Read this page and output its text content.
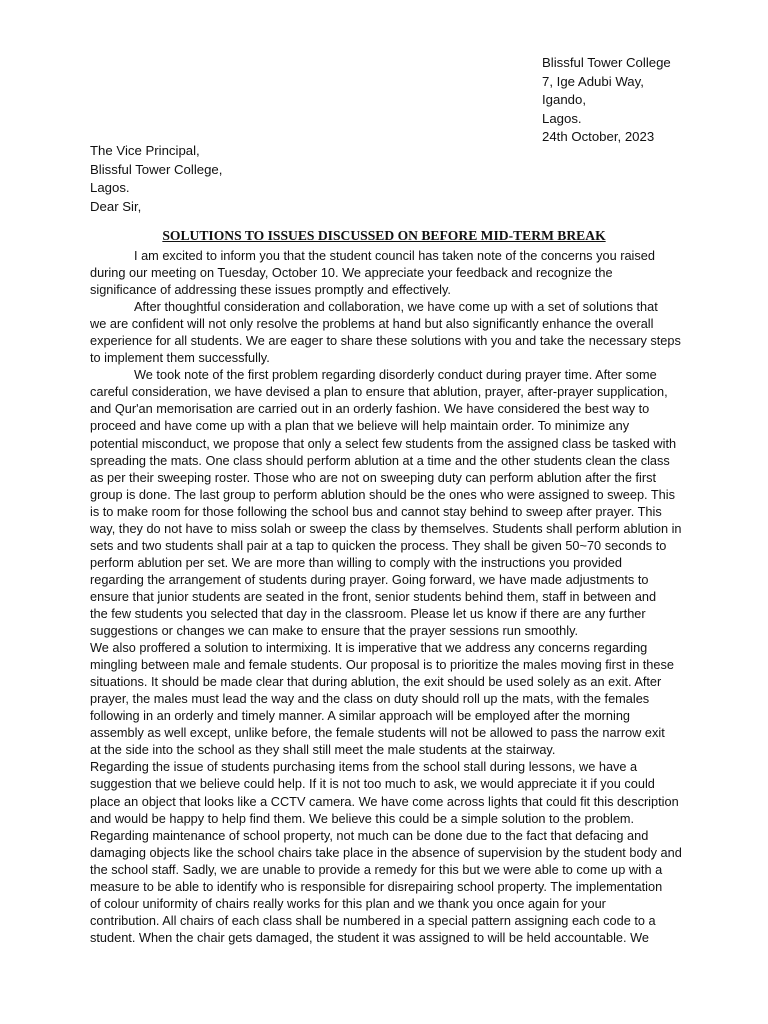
Blissful Tower College
7, Ige Adubi Way,
Igando,
Lagos.
24th October, 2023
The Vice Principal,
Blissful Tower College,
Lagos.
Dear Sir,
SOLUTIONS TO ISSUES DISCUSSED ON BEFORE MID-TERM BREAK
I am excited to inform you that the student council has taken note of the concerns you raised
during our meeting on Tuesday, October 10. We appreciate your feedback and recognize the
significance of addressing these issues promptly and effectively.
After thoughtful consideration and collaboration, we have come up with a set of solutions that
we are confident will not only resolve the problems at hand but also significantly enhance the overall
experience for all students. We are eager to share these solutions with you and take the necessary steps
to implement them successfully.
We took note of the first problem regarding disorderly conduct during prayer time. After some
careful consideration, we have devised a plan to ensure that ablution, prayer, after-prayer supplication,
and Qur'an memorisation are carried out in an orderly fashion. We have considered the best way to
proceed and have come up with a plan that we believe will help maintain order. To minimize any
potential misconduct, we propose that only a select few students from the assigned class be tasked with
spreading the mats. One class should perform ablution at a time and the other students clean the class
as per their sweeping roster. Those who are not on sweeping duty can perform ablution after the first
group is done. The last group to perform ablution should be the ones who were assigned to sweep. This
is to make room for those following the school bus and cannot stay behind to sweep after prayer. This
way, they do not have to miss solah or sweep the class by themselves. Students shall perform ablution in
sets and two students shall pair at a tap to quicken the process. They shall be given 50~70 seconds to
perform ablution per set. We are more than willing to comply with the instructions you provided
regarding the arrangement of students during prayer. Going forward, we have made adjustments to
ensure that junior students are seated in the front, senior students behind them, staff in between and
the few students you selected that day in the classroom. Please let us know if there are any further
suggestions or changes we can make to ensure that the prayer sessions run smoothly.
We also proffered a solution to intermixing. It is imperative that we address any concerns regarding
mingling between male and female students. Our proposal is to prioritize the males moving first in these
situations. It should be made clear that during ablution, the exit should be used solely as an exit. After
prayer, the males must lead the way and the class on duty should roll up the mats, with the females
following in an orderly and timely manner. A similar approach will be employed after the morning
assembly as well except, unlike before, the female students will not be allowed to pass the narrow exit
at the side into the school as they shall still meet the male students at the stairway.
Regarding the issue of students purchasing items from the school stall during lessons, we have a
suggestion that we believe could help. If it is not too much to ask, we would appreciate it if you could
place an object that looks like a CCTV camera. We have come across lights that could fit this description
and would be happy to help find them. We believe this could be a simple solution to the problem.
Regarding maintenance of school property, not much can be done due to the fact that defacing and
damaging objects like the school chairs take place in the absence of supervision by the student body and
the school staff. Sadly, we are unable to provide a remedy for this but we were able to come up with a
measure to be able to identify who is responsible for disrepairing school property. The implementation
of colour uniformity of chairs really works for this plan and we thank you once again for your
contribution. All chairs of each class shall be numbered in a special pattern assigning each code to a
student. When the chair gets damaged, the student it was assigned to will be held accountable. We
